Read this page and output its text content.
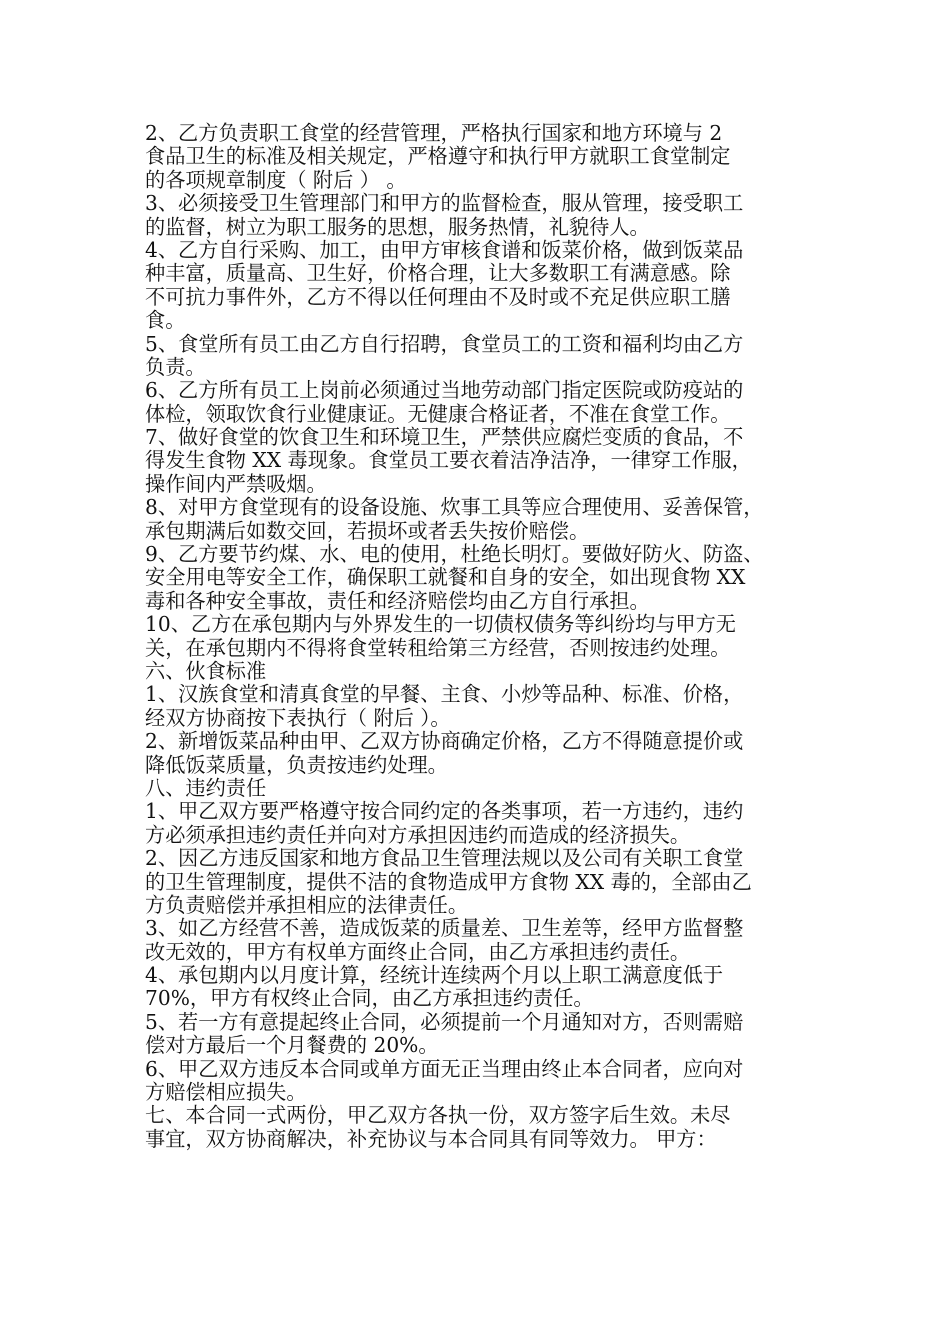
2、乙方负责职工食堂的经营管理，严格执行国家和地方环境与 2
食品卫生的标准及相关规定，严格遵守和执行甲方就职工食堂制定
的各项规章制度（ 附后 ） 。
3、必须接受卫生管理部门和甲方的监督检查，服从管理，接受职工
的监督，树立为职工服务的思想，服务热情，礼貌待人。
4、乙方自行采购、加工，由甲方审核食谱和饭菜价格，做到饭菜品
种丰富，质量高、卫生好，价格合理，让大多数职工有满意感。除
不可抗力事件外，乙方不得以任何理由不及时或不充足供应职工膳
食。
5、食堂所有员工由乙方自行招聘，食堂员工的工资和福利均由乙方
负责。
6、乙方所有员工上岗前必须通过当地劳动部门指定医院或防疫站的
体检，领取饮食行业健康证。无健康合格证者，不准在食堂工作。
7、做好食堂的饮食卫生和环境卫生，严禁供应腐烂变质的食品，不
得发生食物 XX 毒现象。食堂员工要衣着洁净洁净，一律穿工作服，
操作间内严禁吸烟。
8、对甲方食堂现有的设备设施、炊事工具等应合理使用、妥善保管，
承包期满后如数交回，若损坏或者丢失按价赔偿。
9、乙方要节约煤、水、电的使用，杜绝长明灯。要做好防火、防盗、
安全用电等安全工作，确保职工就餐和自身的安全，如出现食物 XX
毒和各种安全事故，责任和经济赔偿均由乙方自行承担。
10、乙方在承包期内与外界发生的一切债权债务等纠纷均与甲方无
关，在承包期内不得将食堂转租给第三方经营，否则按违约处理。
六、伙食标准
1、汉族食堂和清真食堂的早餐、主食、小炒等品种、标准、价格，
经双方协商按下表执行（ 附后 ）。
2、新增饭菜品种由甲、乙双方协商确定价格，乙方不得随意提价或
降低饭菜质量，负责按违约处理。
八、违约责任
1、甲乙双方要严格遵守按合同约定的各类事项，若一方违约，违约
方必须承担违约责任并向对方承担因违约而造成的经济损失。
2、因乙方违反国家和地方食品卫生管理法规以及公司有关职工食堂
的卫生管理制度，提供不洁的食物造成甲方食物 XX 毒的，全部由乙
方负责赔偿并承担相应的法律责任。
3、如乙方经营不善，造成饭菜的质量差、卫生差等，经甲方监督整
改无效的，甲方有权单方面终止合同，由乙方承担违约责任。
4、承包期内以月度计算，经统计连续两个月以上职工满意度低于
70%，甲方有权终止合同，由乙方承担违约责任。
5、若一方有意提起终止合同，必须提前一个月通知对方，否则需赔
偿对方最后一个月餐费的 20%。
6、甲乙双方违反本合同或单方面无正当理由终止本合同者，应向对
方赔偿相应损失。
七、本合同一式两份，甲乙双方各执一份，双方签字后生效。未尽
事宜，双方协商解决，补充协议与本合同具有同等效力。 甲方：
